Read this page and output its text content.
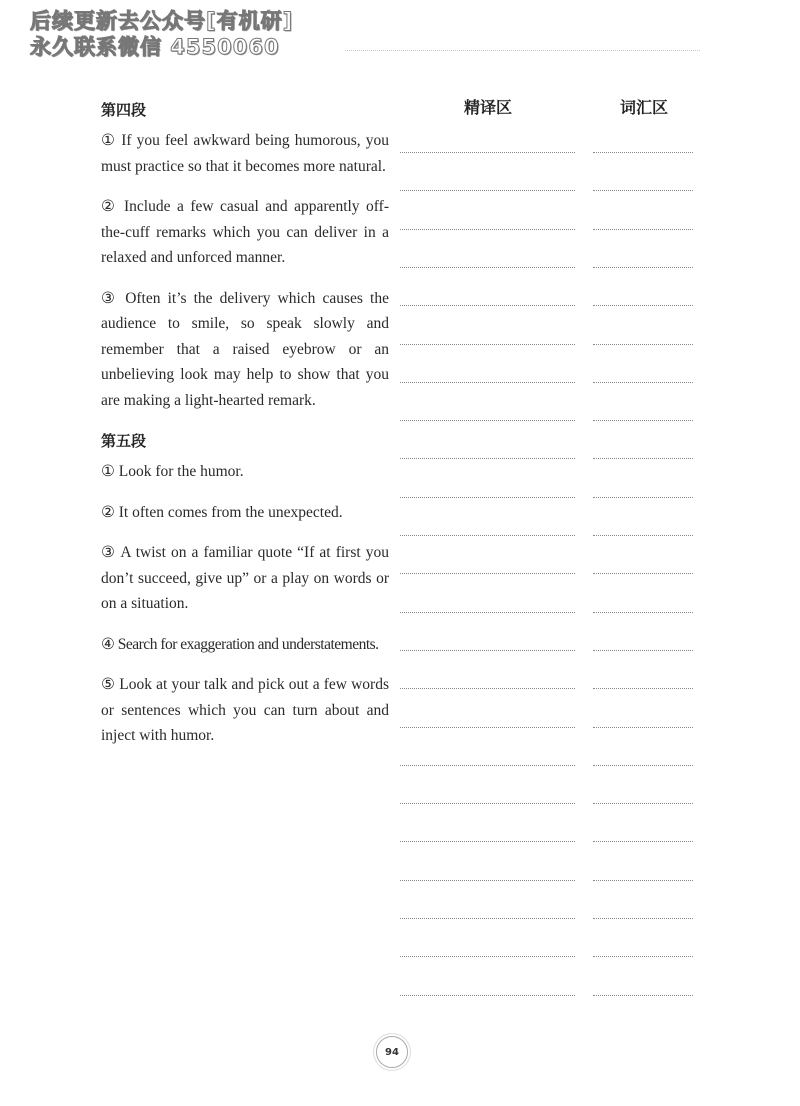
后续更新去公众号[有机研]
永久联系微信 4550060
精译区	词汇区
第四段

① If you feel awkward being humorous, you must practice so that it becomes more natural.

② Include a few casual and apparently off-the-cuff remarks which you can deliver in a relaxed and unforced manner.

③ Often it’s the delivery which causes the audience to smile, so speak slowly and remember that a raised eyebrow or an unbelieving look may help to show that you are making a light-hearted remark.

第五段

① Look for the humor.

② It often comes from the unexpected.

③ A twist on a familiar quote “If at first you don’t succeed, give up” or a play on words or on a situation.

④ Search for exaggeration and understatements.

⑤ Look at your talk and pick out a few words or sentences which you can turn about and inject with humor.

94
